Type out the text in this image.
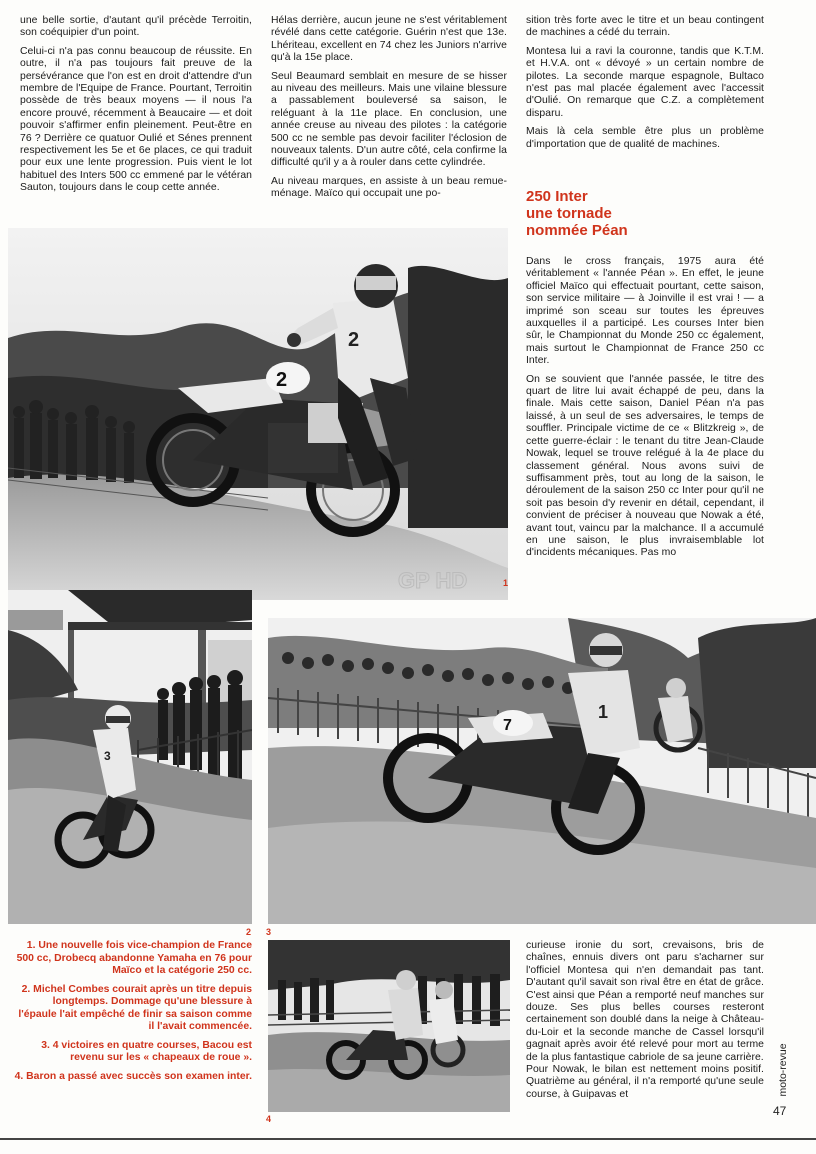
une belle sortie, d'autant qu'il précède Terroitin, son coéquipier d'un point.

Celui-ci n'a pas connu beaucoup de réussite. En outre, il n'a pas toujours fait preuve de la persévérance que l'on est en droit d'attendre d'un membre de l'Equipe de France. Pourtant, Terroitin possède de très beaux moyens — il nous l'a encore prouvé, récemment à Beaucaire — et doit pouvoir s'affirmer enfin pleinement. Peut-être en 76 ? Derrière ce quatuor Oulié et Sénes prennent respectivement les 5e et 6e places, ce qui traduit pour eux une lente progression. Puis vient le lot habituel des Inters 500 cc emmené par le vétéran Sauton, toujours dans le coup cette année.

Hélas derrière, aucun jeune ne s'est véritablement révélé dans cette catégorie. Guérin n'est que 13e. Lhériteau, excellent en 74 chez les Juniors n'arrive qu'à la 15e place.

Seul Beaumard semblait en mesure de se hisser au niveau des meilleurs. Mais une vilaine blessure a passablement bouleversé sa saison, le reléguant à la 11e place. En conclusion, une année creuse au niveau des pilotes : la catégorie 500 cc ne semble pas devoir faciliter l'éclosion de nouveaux talents. D'un autre côté, cela confirme la difficulté qu'il y a à rouler dans cette cylindrée.

Au niveau marques, en assiste à un beau remue-ménage. Maïco qui occupait une po-

sition très forte avec le titre et un beau contingent de machines a cédé du terrain.

Montesa lui a ravi la couronne, tandis que K.T.M. et H.V.A. ont « dévoyé » un certain nombre de pilotes. La seconde marque espagnole, Bultaco n'est pas mal placée également avec l'accessit d'Oulié. On remarque que C.Z. a complètement disparu.

Mais là cela semble être plus un problème d'importation que de qualité de machines.

250 Inter
une tornade
nommée Péan

Dans le cross français, 1975 aura été véritablement « l'année Péan ». En effet, le jeune officiel Maïco qui effectuait pourtant, cette saison, son service militaire — à Joinville il est vrai ! — a imprimé son sceau sur toutes les épreuves auxquelles il a participé. Les courses Inter bien sûr, le Championnat du Monde 250 cc également, mais surtout le Championnat de France 250 cc Inter.

On se souvient que l'année passée, le titre des quart de litre lui avait échappé de peu, dans la finale. Mais cette saison, Daniel Péan n'a pas laissé, à un seul de ses adversaires, le temps de souffler. Principale victime de ce « Blitzkreig », de cette guerre-éclair : le tenant du titre Jean-Claude Nowak, lequel se trouve relégué à la 4e place du classement général. Nous avons suivi de suffisamment près, tout au long de la saison, le déroulement de la saison 250 cc Inter pour qu'il ne soit pas besoin d'y revenir en détail, cependant, il convient de préciser à nouveau que Nowak a été, avant tout, vaincu par la malchance. Il a accumulé en une saison, le plus invraisemblable lot d'incidents mécaniques. Pas mo

2
2
GP HD	1
3
2
7
1
3
4

1. Une nouvelle fois vice-champion de France 500 cc, Drobecq abandonne Yamaha en 76 pour Maïco et la catégorie 250 cc.

2. Michel Combes courait après un titre depuis longtemps. Dommage qu'une blessure à l'épaule l'ait empêché de finir sa saison comme il l'avait commencée.

3. 4 victoires en quatre courses, Bacou est revenu sur les « chapeaux de roue ».

4. Baron a passé avec succès son examen inter.

curieuse ironie du sort, crevaisons, bris de chaînes, ennuis divers ont paru s'acharner sur l'officiel Montesa qui n'en demandait pas tant. D'autant qu'il savait son rival être en état de grâce. C'est ainsi que Péan a remporté neuf manches sur douze. Ses plus belles courses resteront certainement son doublé dans la neige à Château-du-Loir et la seconde manche de Cassel lorsqu'il gagnait après avoir été relevé pour mort au terme de la plus fantastique cabriole de sa jeune carrière.

Pour Nowak, le bilan est nettement moins positif. Quatrième au général, il n'a remporté qu'une seule course, à Guipavas et	moto-revue
47
